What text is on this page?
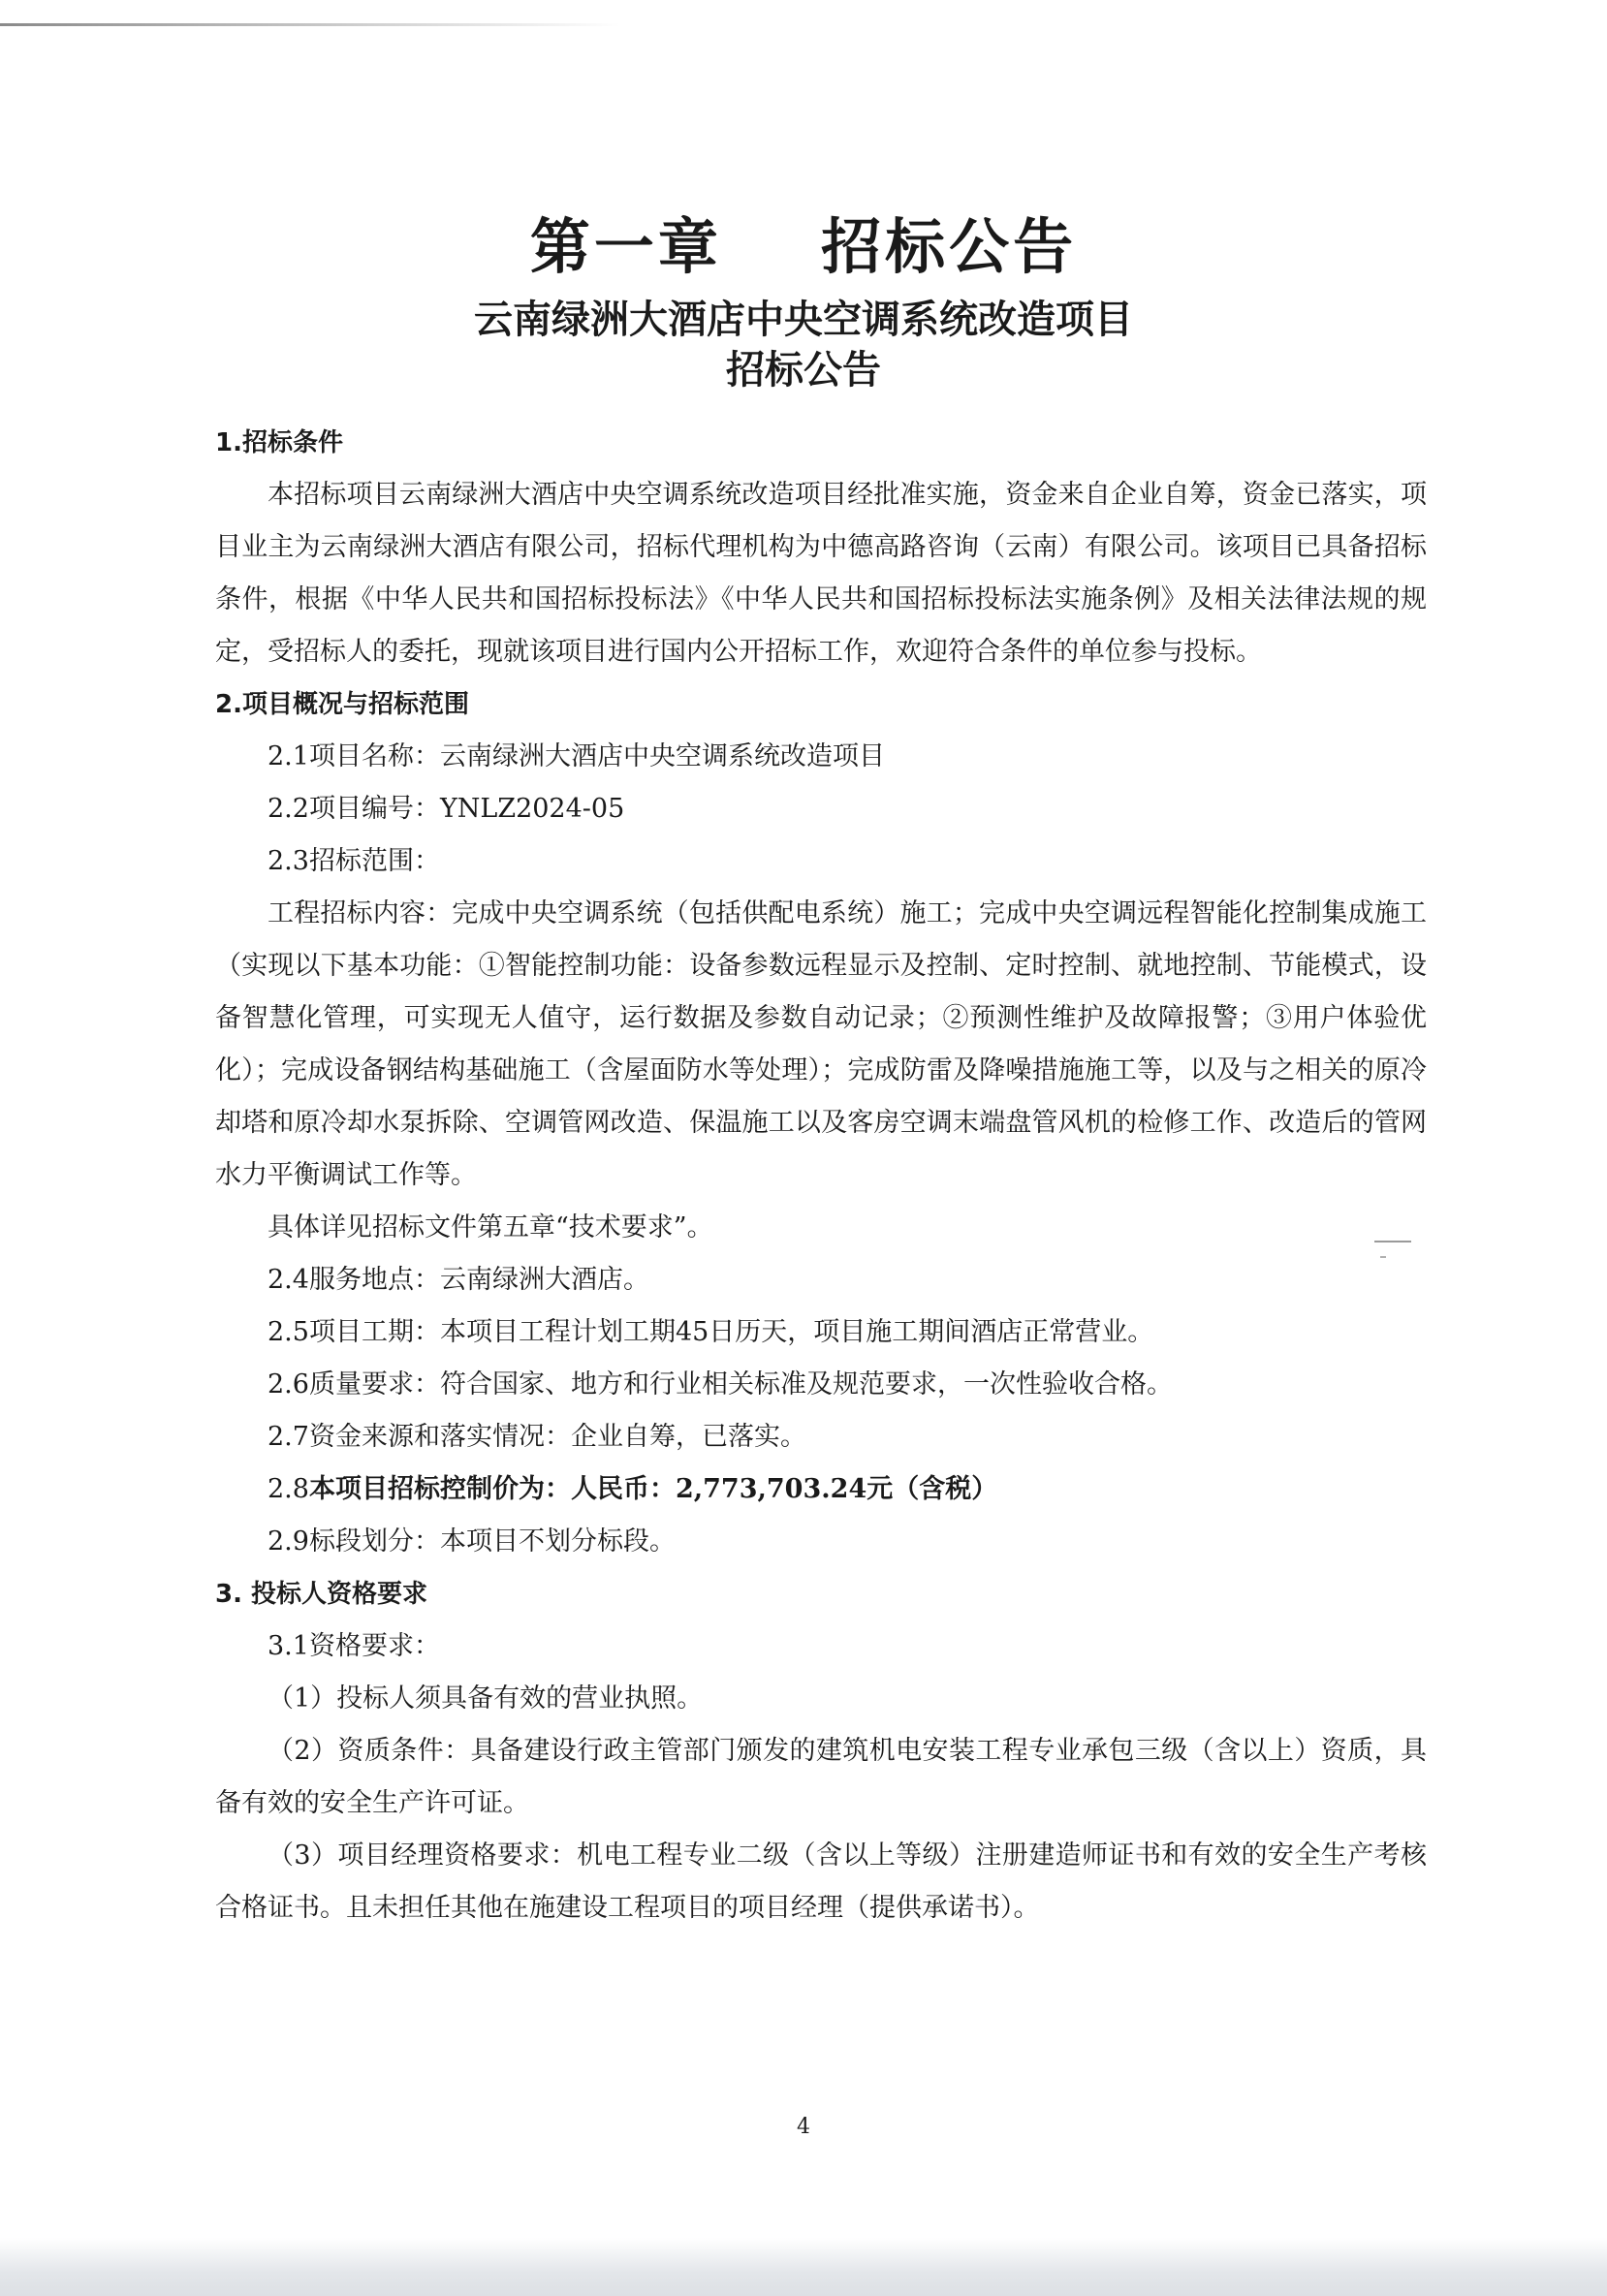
第一章    招标公告
云南绿洲大酒店中央空调系统改造项目
招标公告

1.招标条件

本招标项目云南绿洲大酒店中央空调系统改造项目经批准实施，资金来自企业自筹，资金已落实，项目业主为云南绿洲大酒店有限公司，招标代理机构为中德高路咨询（云南）有限公司。该项目已具备招标条件，根据《中华人民共和国招标投标法》《中华人民共和国招标投标法实施条例》及相关法律法规的规定，受招标人的委托，现就该项目进行国内公开招标工作，欢迎符合条件的单位参与投标。

2.项目概况与招标范围

2.1项目名称：云南绿洲大酒店中央空调系统改造项目

2.2项目编号：YNLZ2024-05

2.3招标范围：

工程招标内容：完成中央空调系统（包括供配电系统）施工；完成中央空调远程智能化控制集成施工（实现以下基本功能：①智能控制功能：设备参数远程显示及控制、定时控制、就地控制、节能模式，设备智慧化管理，可实现无人值守，运行数据及参数自动记录；②预测性维护及故障报警；③用户体验优化）；完成设备钢结构基础施工（含屋面防水等处理）；完成防雷及降噪措施施工等，以及与之相关的原冷却塔和原冷却水泵拆除、空调管网改造、保温施工以及客房空调末端盘管风机的检修工作、改造后的管网水力平衡调试工作等。

具体详见招标文件第五章“技术要求”。

2.4服务地点：云南绿洲大酒店。

2.5项目工期：本项目工程计划工期45日历天，项目施工期间酒店正常营业。

2.6质量要求：符合国家、地方和行业相关标准及规范要求，一次性验收合格。

2.7资金来源和落实情况：企业自筹，已落实。

2.8本项目招标控制价为：人民币：2,773,703.24元（含税）

2.9标段划分：本项目不划分标段。

3. 投标人资格要求

3.1资格要求：

（1）投标人须具备有效的营业执照。

（2）资质条件：具备建设行政主管部门颁发的建筑机电安装工程专业承包三级（含以上）资质，具备有效的安全生产许可证。

（3）项目经理资格要求：机电工程专业二级（含以上等级）注册建造师证书和有效的安全生产考核合格证书。且未担任其他在施建设工程项目的项目经理（提供承诺书）。

4
